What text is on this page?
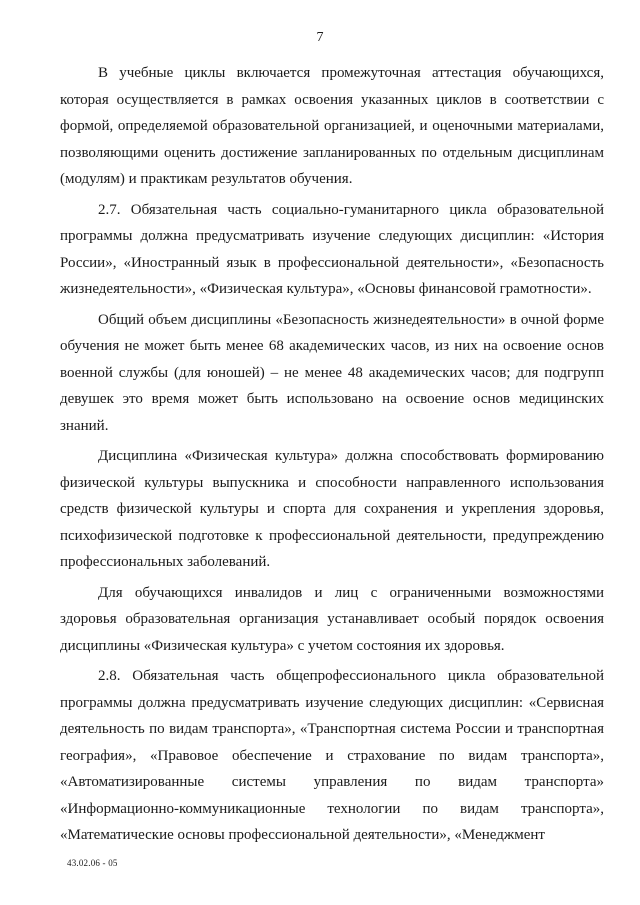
7

В учебные циклы включается промежуточная аттестация обучающихся, которая осуществляется в рамках освоения указанных циклов в соответствии с формой, определяемой образовательной организацией, и оценочными материалами, позволяющими оценить достижение запланированных по отдельным дисциплинам (модулям) и практикам результатов обучения.

2.7. Обязательная часть социально-гуманитарного цикла образовательной программы должна предусматривать изучение следующих дисциплин: «История России», «Иностранный язык в профессиональной деятельности», «Безопасность жизнедеятельности», «Физическая культура», «Основы финансовой грамотности».

Общий объем дисциплины «Безопасность жизнедеятельности» в очной форме обучения не может быть менее 68 академических часов, из них на освоение основ военной службы (для юношей) – не менее 48 академических часов; для подгрупп девушек это время может быть использовано на освоение основ медицинских знаний.

Дисциплина «Физическая культура» должна способствовать формированию физической культуры выпускника и способности направленного использования средств физической культуры и спорта для сохранения и укрепления здоровья, психофизической подготовке к профессиональной деятельности, предупреждению профессиональных заболеваний.

Для обучающихся инвалидов и лиц с ограниченными возможностями здоровья образовательная организация устанавливает особый порядок освоения дисциплины «Физическая культура» с учетом состояния их здоровья.

2.8. Обязательная часть общепрофессионального цикла образовательной программы должна предусматривать изучение следующих дисциплин: «Сервисная деятельность по видам транспорта», «Транспортная система России и транспортная география», «Правовое обеспечение и страхование по видам транспорта», «Автоматизированные системы управления по видам транспорта» «Информационно-коммуникационные технологии по видам транспорта», «Математические основы профессиональной деятельности», «Менеджмент

43.02.06 - 05
